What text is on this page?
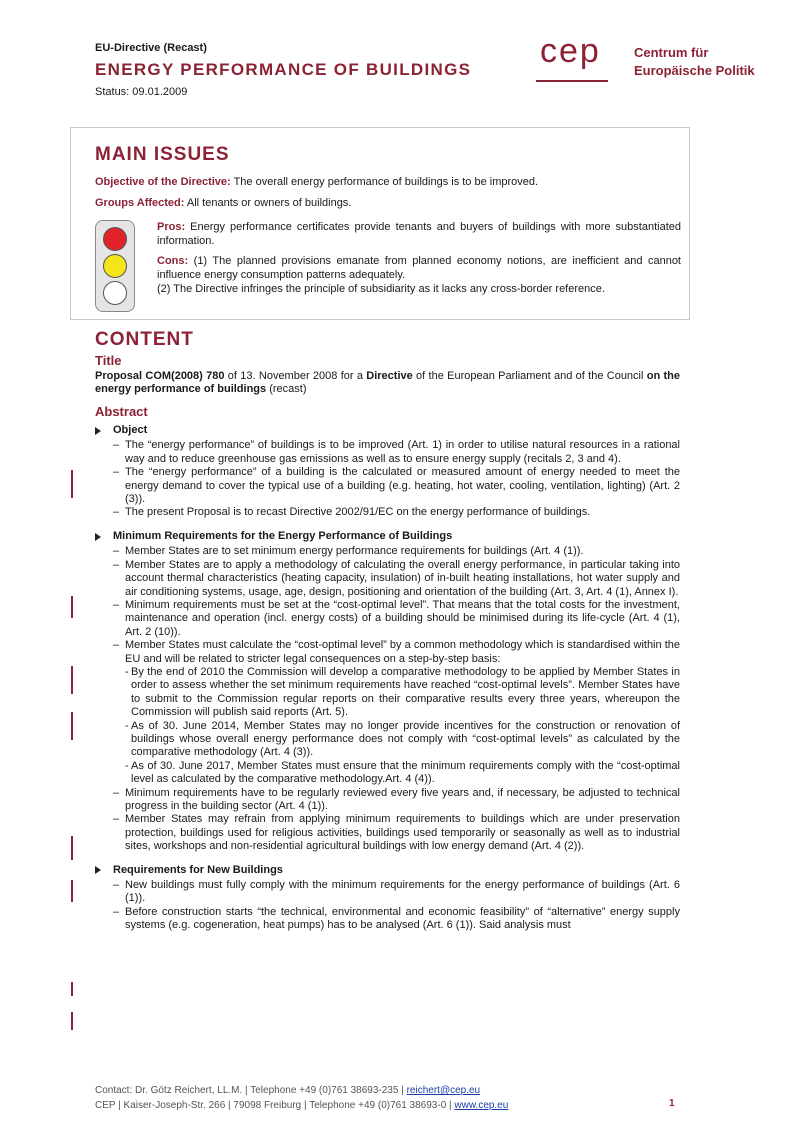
EU-Directive (Recast)
ENERGY PERFORMANCE OF BUILDINGS
Status: 09.01.2009
cep	Centrum für
Europäische Politik
MAIN ISSUES
Objective of the Directive: The overall energy performance of buildings is to be improved.
Groups Affected: All tenants or owners of buildings.

Pros: Energy performance certificates provide tenants and buyers of buildings with more substantiated information.

Cons: (1) The planned provisions emanate from planned economy notions, are inefficient and cannot influence energy consumption patterns adequately.

(2) The Directive infringes the principle of subsidiarity as it lacks any cross-border reference.

CONTENT
Title

Proposal COM(2008) 780 of 13. November 2008 for a Directive of the European Parliament and of the Council on the energy performance of buildings (recast)

Abstract
Object
– The “energy performance” of buildings is to be improved (Art. 1) in order to utilise natural resources in a rational way and to reduce greenhouse gas emissions as well as to ensure energy supply (recitals 2, 3 and 4).
– The “energy performance” of a building is the calculated or measured amount of energy needed to meet the energy demand to cover the typical use of a building (e.g. heating, hot water, cooling, ventilation, lighting) (Art. 2 (3)).
– The present Proposal is to recast Directive 2002/91/EC on the energy performance of buildings.
Minimum Requirements for the Energy Performance of Buildings
– Member States are to set minimum energy performance requirements for buildings (Art. 4 (1)).
– Member States are to apply a methodology of calculating the overall energy performance, in particular taking into account thermal characteristics (heating capacity, insulation) of in-built heating installations, hot water supply and air conditioning systems, usage, age, design, positioning and orientation of the building (Art. 3, Art. 4 (1), Annex I).
– Minimum requirements must be set at the “cost-optimal level”. That means that the total costs for the investment, maintenance and operation (incl. energy costs) of a building should be minimised during its life-cycle (Art. 4 (1), Art. 2 (10)).
– Member States must calculate the “cost-optimal level” by a common methodology which is standardised within the EU and will be related to stricter legal consequences on a step-by-step basis:
- By the end of 2010 the Commission will develop a comparative methodology to be applied by Member States in order to assess whether the set minimum requirements have reached “cost-optimal levels”. Member States have to submit to the Commission regular reports on their comparative results every three years, whereupon the Commission will publish said reports (Art. 5).
- As of 30. June 2014, Member States may no longer provide incentives for the construction or renovation of buildings whose overall energy performance does not comply with “cost-optimal levels” as calculated by the comparative methodology (Art. 4 (3)).
- As of 30. June 2017, Member States must ensure that the minimum requirements comply with the “cost-optimal level as calculated by the comparative methodology.Art. 4 (4)).
– Minimum requirements have to be regularly reviewed every five years and, if necessary, be adjusted to technical progress in the building sector (Art. 4 (1)).
– Member States may refrain from applying minimum requirements to buildings which are under preservation protection, buildings used for religious activities, buildings used temporarily or seasonally as well as to industrial sites, workshops and non-residential agricultural buildings with low energy demand (Art. 4 (2)).
Requirements for New Buildings
– New buildings must fully comply with the minimum requirements for the energy performance of buildings (Art. 6 (1)).
– Before construction starts “the technical, environmental and economic feasibility” of “alternative” energy supply systems (e.g. cogeneration, heat pumps) has to be analysed (Art. 6 (1)). Said analysis must
Contact: Dr. Götz Reichert, LL.M. | Telephone +49 (0)761 38693-235 | reichert@cep.eu
CEP | Kaiser-Joseph-Str. 266 | 79098 Freiburg | Telephone +49 (0)761 38693-0 | www.cep.eu	1
